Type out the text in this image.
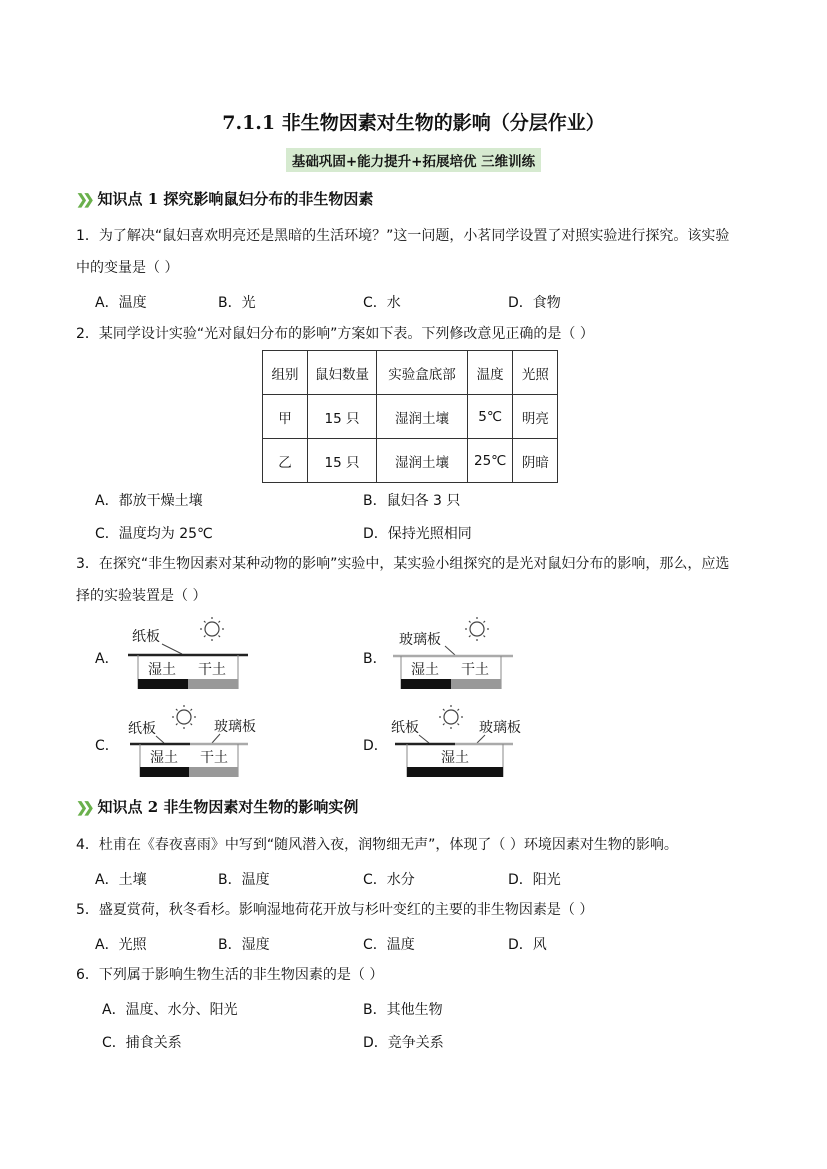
7.1.1 非生物因素对生物的影响（分层作业）
基础巩固+能力提升+拓展培优 三维训练
❯❯ 知识点 1 探究影响鼠妇分布的非生物因素
1．为了解决“鼠妇喜欢明亮还是黑暗的生活环境？”这一问题，小茗同学设置了对照实验进行探究。该实验
中的变量是（ ）
A．温度	B．光	C．水	D．食物
2．某同学设计实验“光对鼠妇分布的影响”方案如下表。下列修改意见正确的是（ ）
组别	鼠妇数量	实验盒底部	温度	光照
甲	15 只	湿润土壤	5℃	明亮
乙	15 只	湿润土壤	25℃	阴暗
A．都放干燥土壤	B．鼠妇各 3 只
C．温度均为 25℃	D．保持光照相同
3．在探究“非生物因素对某种动物的影响”实验中，某实验小组探究的是光对鼠妇分布的影响，那么，应选
择的实验装置是（ ）
A．
纸板
湿土 干土
B．
玻璃板
湿土 干土
C．
纸板	玻璃板
湿土 干土
D．
纸板	玻璃板
湿土
❯❯ 知识点 2 非生物因素对生物的影响实例
4．杜甫在《春夜喜雨》中写到“随风潜入夜，润物细无声”，体现了（ ）环境因素对生物的影响。
A．土壤	B．温度	C．水分	D．阳光
5．盛夏赏荷，秋冬看杉。影响湿地荷花开放与杉叶变红的主要的非生物因素是（ ）
A．光照	B．湿度	C．温度	D．风
6．下列属于影响生物生活的非生物因素的是（ ）
A．温度、水分、阳光	B．其他生物
C．捕食关系	D．竞争关系
